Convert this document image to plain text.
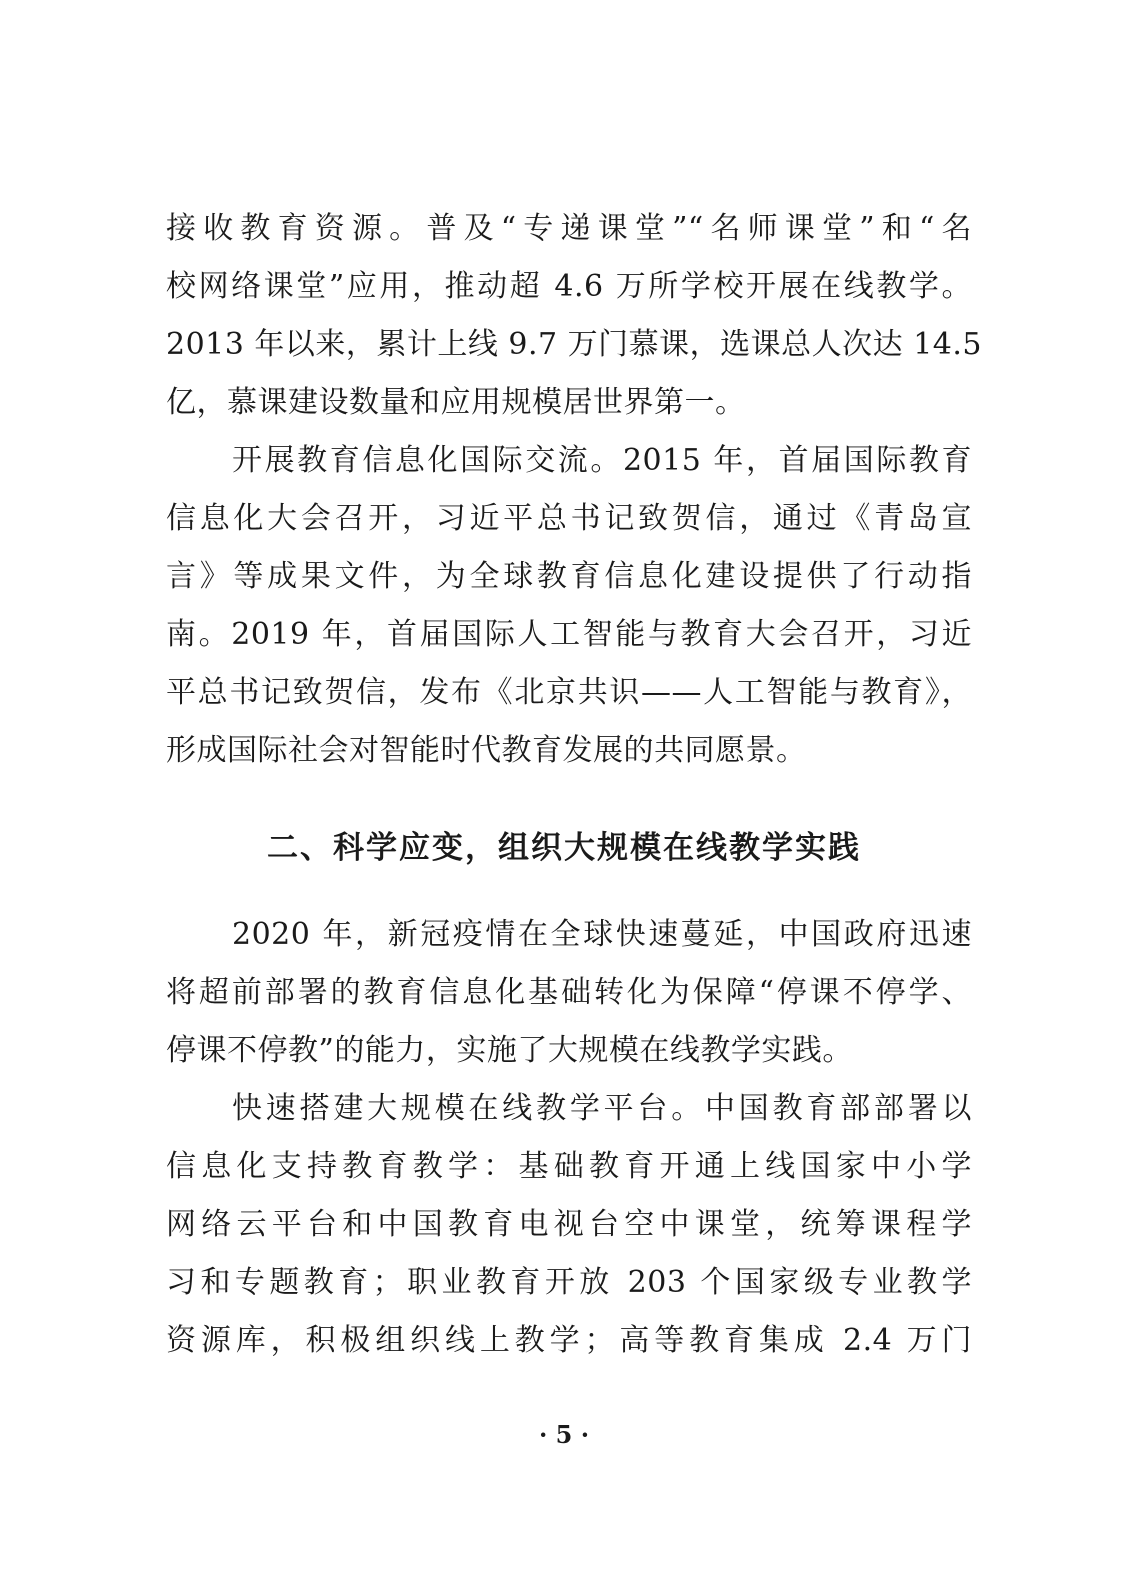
接收教育资源。普及“专递课堂”“名师课堂”和“名
校网络课堂”应用，推动超 4.6 万所学校开展在线教学。
2013 年以来，累计上线 9.7 万门慕课，选课总人次达 14.5
亿，慕课建设数量和应用规模居世界第一。
开展教育信息化国际交流。2015 年，首届国际教育
信息化大会召开，习近平总书记致贺信，通过《青岛宣
言》等成果文件，为全球教育信息化建设提供了行动指
南。2019 年，首届国际人工智能与教育大会召开，习近
平总书记致贺信，发布《北京共识——人工智能与教育》，
形成国际社会对智能时代教育发展的共同愿景。
二、科学应变，组织大规模在线教学实践
2020 年，新冠疫情在全球快速蔓延，中国政府迅速
将超前部署的教育信息化基础转化为保障“停课不停学、
停课不停教”的能力，实施了大规模在线教学实践。
快速搭建大规模在线教学平台。中国教育部部署以
信息化支持教育教学：基础教育开通上线国家中小学
网络云平台和中国教育电视台空中课堂，统筹课程学
习和专题教育；职业教育开放 203 个国家级专业教学
资源库，积极组织线上教学；高等教育集成 2.4 万门
· 5 ·
